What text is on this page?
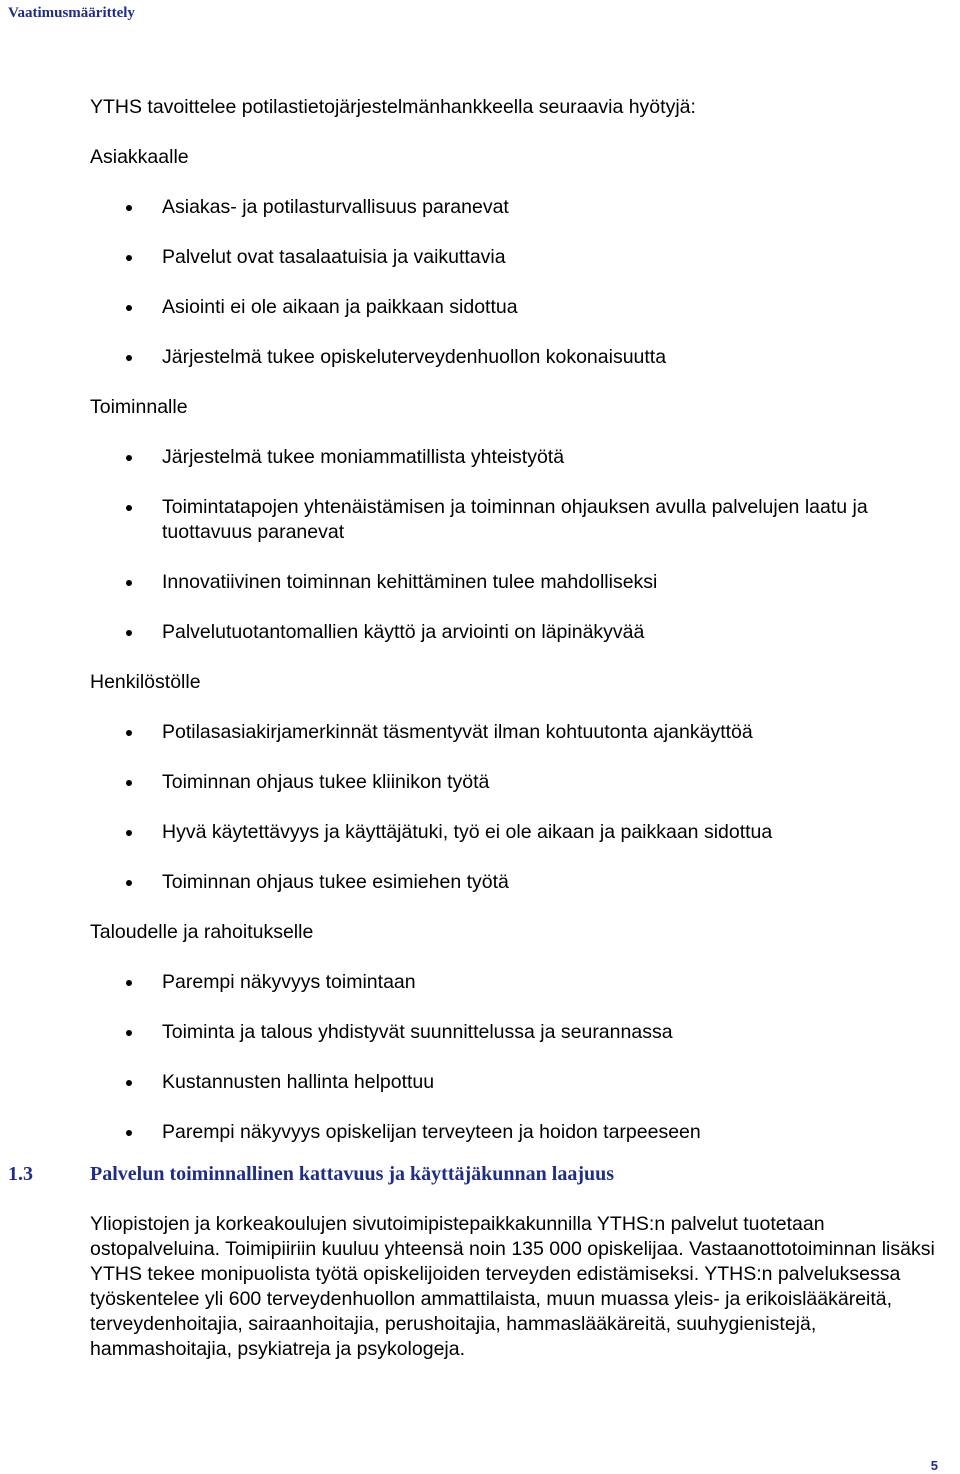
Vaatimusmäärittely

YTHS tavoittelee potilastietojärjestelmänhankkeella seuraavia hyötyjä:

Asiakkaalle

Asiakas- ja potilasturvallisuus paranevat
Palvelut ovat tasalaatuisia ja vaikuttavia
Asiointi ei ole aikaan ja paikkaan sidottua
Järjestelmä tukee opiskeluterveydenhuollon kokonaisuutta

Toiminnalle

Järjestelmä tukee moniammatillista yhteistyötä
Toimintatapojen yhtenäistämisen ja toiminnan ohjauksen avulla palvelujen laatu ja tuottavuus paranevat
Innovatiivinen toiminnan kehittäminen tulee mahdolliseksi
Palvelutuotantomallien käyttö ja arviointi on läpinäkyvää

Henkilöstölle

Potilasasiakirjamerkinnät täsmentyvät ilman kohtuutonta ajankäyttöä
Toiminnan ohjaus tukee kliinikon työtä
Hyvä käytettävyys ja käyttäjätuki, työ ei ole aikaan ja paikkaan sidottua
Toiminnan ohjaus tukee esimiehen työtä

Taloudelle ja rahoitukselle

Parempi näkyvyys toimintaan
Toiminta ja talous yhdistyvät suunnittelussa ja seurannassa
Kustannusten hallinta helpottuu
Parempi näkyvyys opiskelijan terveyteen ja hoidon tarpeeseen
1.3	Palvelun toiminnallinen kattavuus ja käyttäjäkunnan laajuus

Yliopistojen ja korkeakoulujen sivutoimipistepaikkakunnilla YTHS:n palvelut tuotetaan ostopalveluina. Toimipiiriin kuuluu yhteensä noin 135 000 opiskelijaa. Vastaanottotoiminnan lisäksi YTHS tekee monipuolista työtä opiskelijoiden terveyden edistämiseksi. YTHS:n palveluksessa työskentelee yli 600 terveydenhuollon ammattilaista, muun muassa yleis- ja erikoislääkäreitä, terveydenhoitajia, sairaanhoitajia, perushoitajia, hammaslääkäreitä, suuhygienistejä, hammashoitajia, psykiatreja ja psykologeja.

5
